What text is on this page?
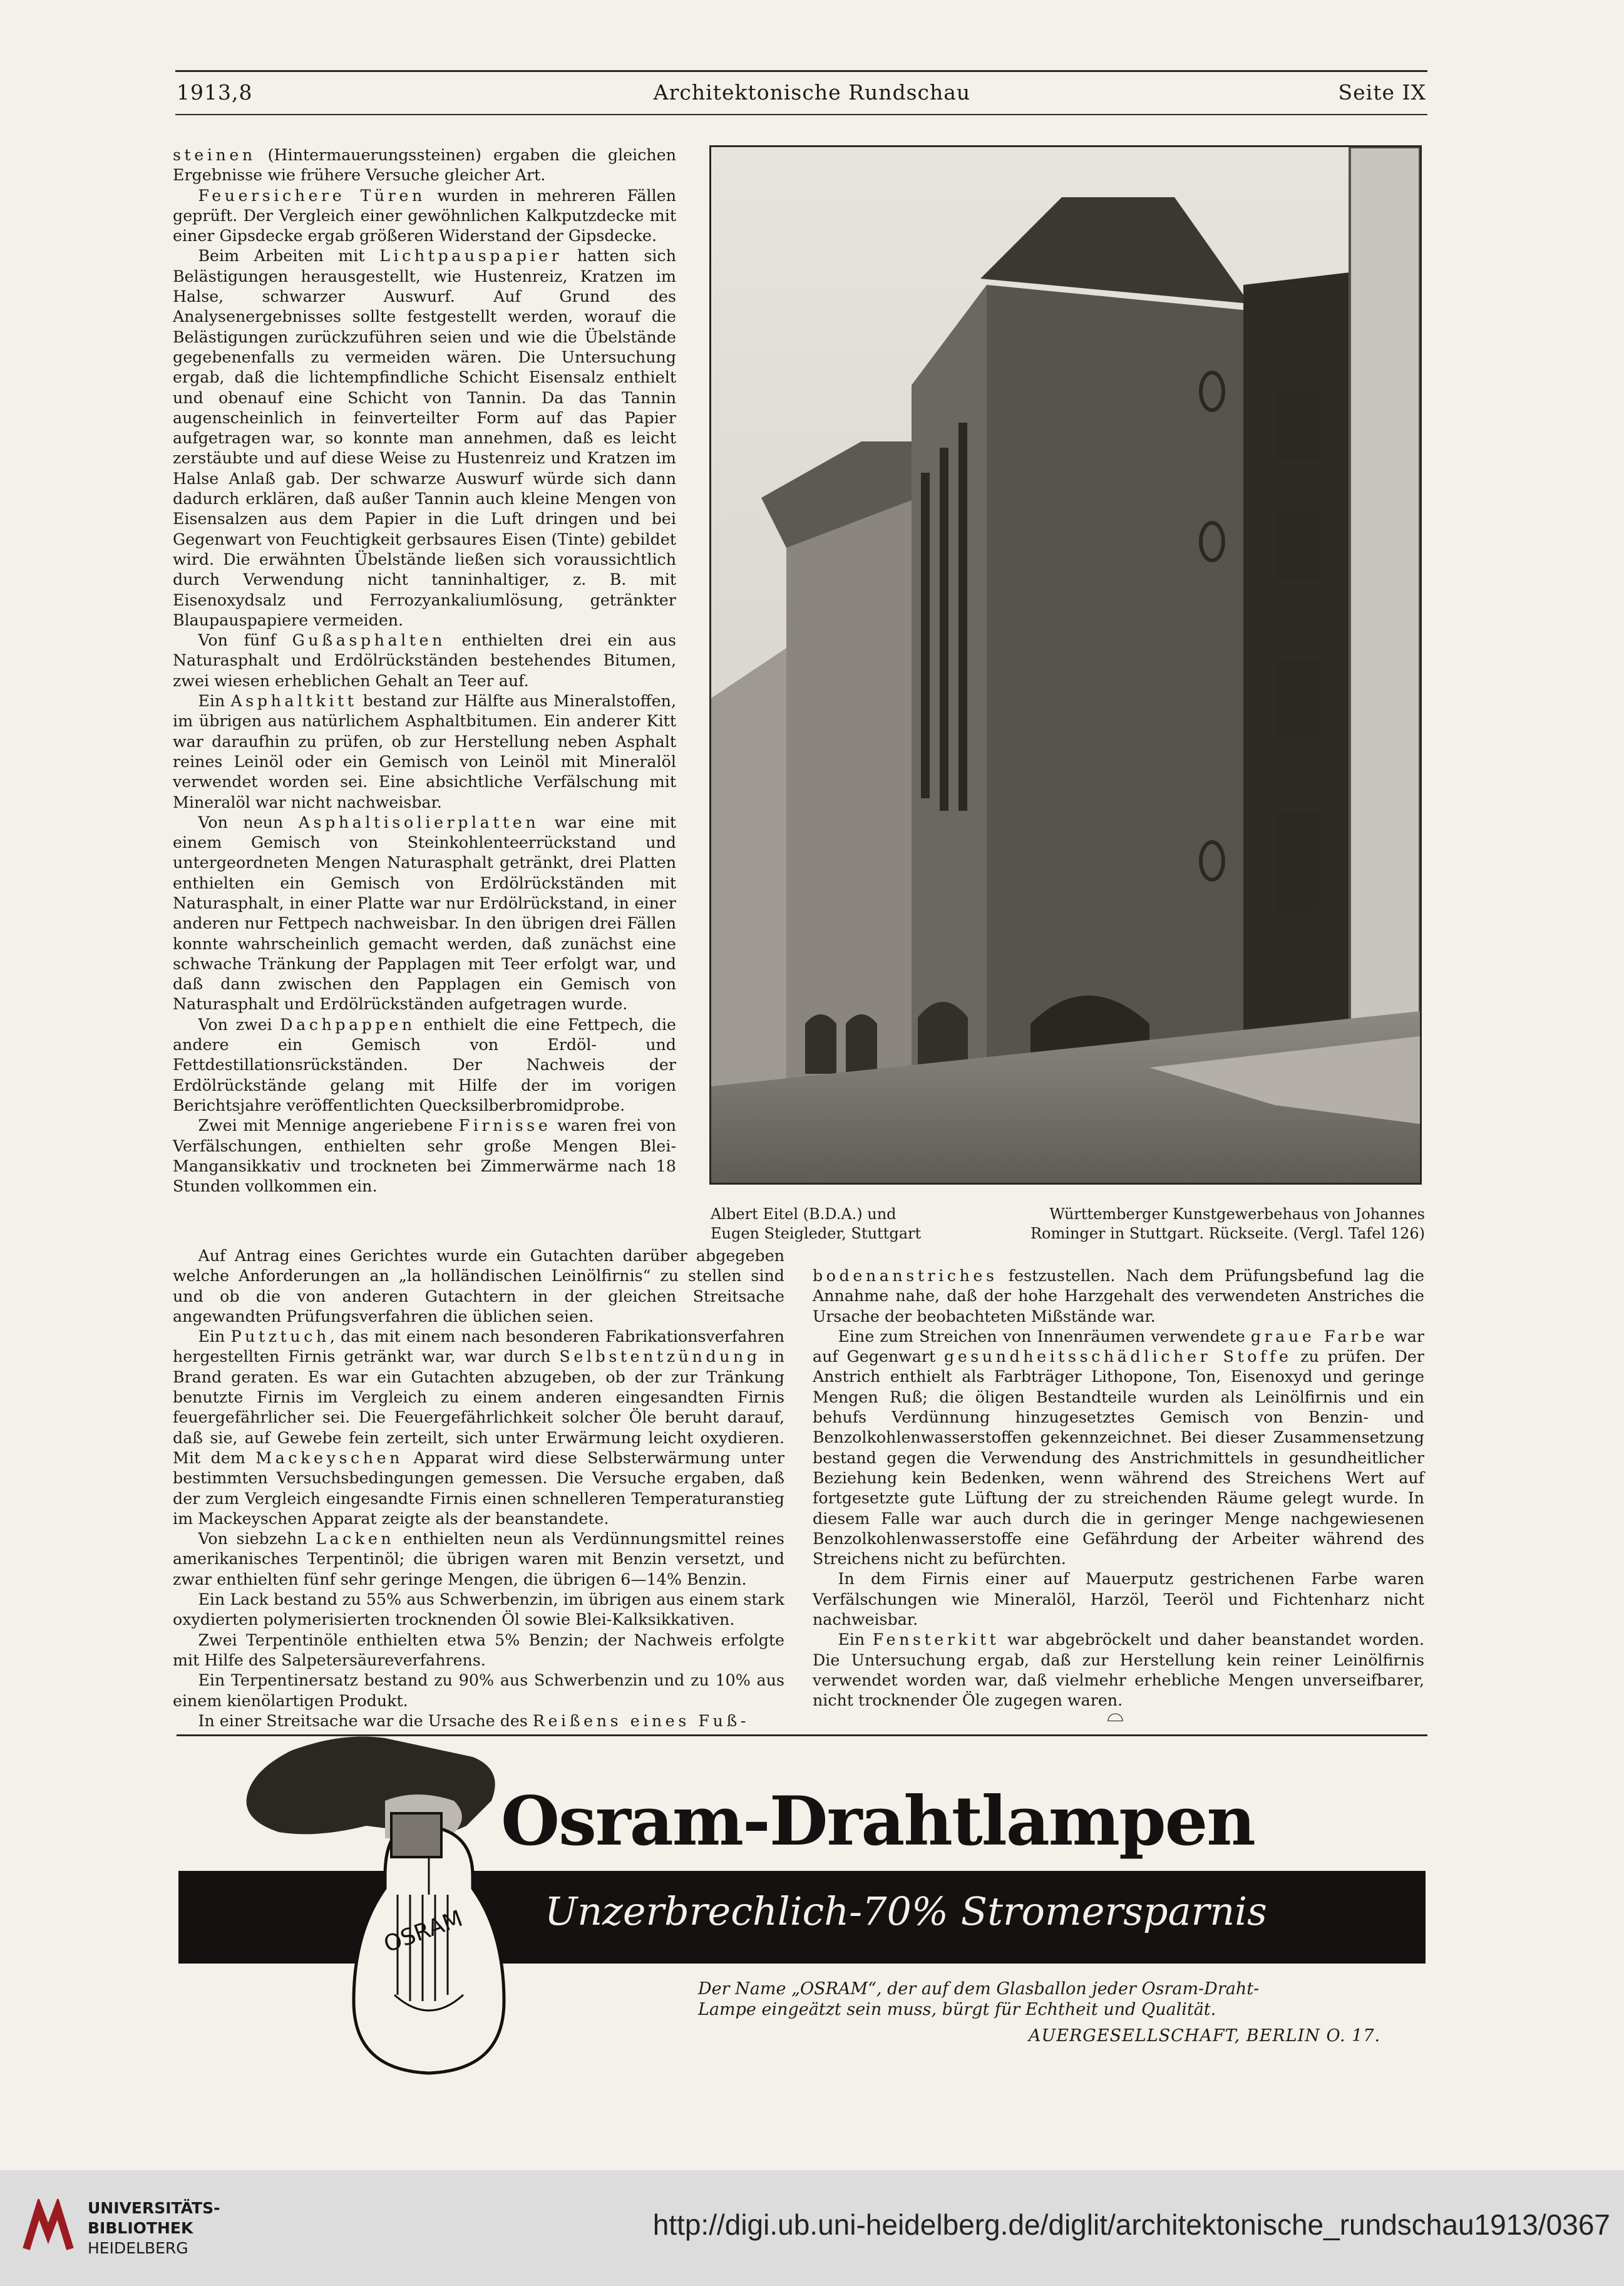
1913,8	Architektonische Rundschau	Seite IX

steinen (Hintermauerungssteinen) ergaben die gleichen Ergebnisse wie frühere Versuche gleicher Art.

Feuersichere Türen wurden in mehreren Fällen geprüft. Der Vergleich einer gewöhnlichen Kalkputzdecke mit einer Gipsdecke ergab größeren Widerstand der Gipsdecke.

Beim Arbeiten mit Lichtpauspapier hatten sich Belästigungen herausgestellt, wie Hustenreiz, Kratzen im Halse, schwarzer Auswurf. Auf Grund des Analysenergebnisses sollte festgestellt werden, worauf die Belästigungen zurückzuführen seien und wie die Übelstände gegebenenfalls zu vermeiden wären. Die Untersuchung ergab, daß die lichtempfindliche Schicht Eisensalz enthielt und obenauf eine Schicht von Tannin. Da das Tannin augenscheinlich in feinverteilter Form auf das Papier aufgetragen war, so konnte man annehmen, daß es leicht zerstäubte und auf diese Weise zu Hustenreiz und Kratzen im Halse Anlaß gab. Der schwarze Auswurf würde sich dann dadurch erklären, daß außer Tannin auch kleine Mengen von Eisensalzen aus dem Papier in die Luft dringen und bei Gegenwart von Feuchtigkeit gerbsaures Eisen (Tinte) gebildet wird. Die erwähnten Übelstände ließen sich voraussichtlich durch Verwendung nicht tanninhaltiger, z. B. mit Eisenoxydsalz und Ferrozyankaliumlösung, getränkter Blaupauspapiere vermeiden.

Von fünf Gußasphalten enthielten drei ein aus Naturasphalt und Erdölrückständen bestehendes Bitumen, zwei wiesen erheblichen Gehalt an Teer auf.

Ein Asphaltkitt bestand zur Hälfte aus Mineralstoffen, im übrigen aus natürlichem Asphaltbitumen. Ein anderer Kitt war daraufhin zu prüfen, ob zur Herstellung neben Asphalt reines Leinöl oder ein Gemisch von Leinöl mit Mineralöl verwendet worden sei. Eine absichtliche Verfälschung mit Mineralöl war nicht nachweisbar.

Von neun Asphaltisolierplatten war eine mit einem Gemisch von Steinkohlenteerrückstand und untergeordneten Mengen Naturasphalt getränkt, drei Platten enthielten ein Gemisch von Erdölrückständen mit Naturasphalt, in einer Platte war nur Erdölrückstand, in einer anderen nur Fettpech nachweisbar. In den übrigen drei Fällen konnte wahrscheinlich gemacht werden, daß zunächst eine schwache Tränkung der Papplagen mit Teer erfolgt war, und daß dann zwischen den Papplagen ein Gemisch von Naturasphalt und Erdölrückständen aufgetragen wurde.

Von zwei Dachpappen enthielt die eine Fettpech, die andere ein Gemisch von Erdöl- und Fettdestillationsrückständen. Der Nachweis der Erdölrückstände gelang mit Hilfe der im vorigen Berichtsjahre veröffentlichten Quecksilberbromidprobe.

Zwei mit Mennige angeriebene Firnisse waren frei von Verfälschungen, enthielten sehr große Mengen Blei-Mangansikkativ und trockneten bei Zimmerwärme nach 18 Stunden vollkommen ein.

Albert Eitel (B.D.A.) und
Eugen Steigleder, Stuttgart
Württemberger Kunstgewerbehaus von Johannes
Rominger in Stuttgart. Rückseite. (Vergl. Tafel 126)

Auf Antrag eines Gerichtes wurde ein Gutachten darüber abgegeben welche Anforderungen an „la holländischen Leinölfirnis“ zu stellen sind und ob die von anderen Gutachtern in der gleichen Streitsache angewandten Prüfungsverfahren die üblichen seien.

Ein Putztuch, das mit einem nach besonderen Fabrikationsverfahren hergestellten Firnis getränkt war, war durch Selbstentzündung in Brand geraten. Es war ein Gutachten abzugeben, ob der zur Tränkung benutzte Firnis im Vergleich zu einem anderen eingesandten Firnis feuergefährlicher sei. Die Feuergefährlichkeit solcher Öle beruht darauf, daß sie, auf Gewebe fein zerteilt, sich unter Erwärmung leicht oxydieren. Mit dem Mackeyschen Apparat wird diese Selbsterwärmung unter bestimmten Versuchsbedingungen gemessen. Die Versuche ergaben, daß der zum Vergleich eingesandte Firnis einen schnelleren Temperaturanstieg im Mackeyschen Apparat zeigte als der beanstandete.

Von siebzehn Lacken enthielten neun als Verdünnungsmittel reines amerikanisches Terpentinöl; die übrigen waren mit Benzin versetzt, und zwar enthielten fünf sehr geringe Mengen, die übrigen 6—14% Benzin.

Ein Lack bestand zu 55% aus Schwerbenzin, im übrigen aus einem stark oxydierten polymerisierten trocknenden Öl sowie Blei-Kalksikkativen.

Zwei Terpentinöle enthielten etwa 5% Benzin; der Nachweis erfolgte mit Hilfe des Salpetersäureverfahrens.

Ein Terpentinersatz bestand zu 90% aus Schwerbenzin und zu 10% aus einem kienölartigen Produkt.

In einer Streitsache war die Ursache des Reißens eines Fuß-

bodenanstriches festzustellen. Nach dem Prüfungsbefund lag die Annahme nahe, daß der hohe Harzgehalt des verwendeten Anstriches die Ursache der beobachteten Mißstände war.

Eine zum Streichen von Innenräumen verwendete graue Farbe war auf Gegenwart gesundheitsschädlicher Stoffe zu prüfen. Der Anstrich enthielt als Farbträger Lithopone, Ton, Eisenoxyd und geringe Mengen Ruß; die öligen Bestandteile wurden als Leinölfirnis und ein behufs Verdünnung hinzugesetztes Gemisch von Benzin- und Benzolkohlenwasserstoffen gekennzeichnet. Bei dieser Zusammensetzung bestand gegen die Verwendung des Anstrichmittels in gesundheitlicher Beziehung kein Bedenken, wenn während des Streichens Wert auf fortgesetzte gute Lüftung der zu streichenden Räume gelegt wurde. In diesem Falle war auch durch die in geringer Menge nachgewiesenen Benzolkohlenwasserstoffe eine Gefährdung der Arbeiter während des Streichens nicht zu befürchten.

In dem Firnis einer auf Mauerputz gestrichenen Farbe waren Verfälschungen wie Mineralöl, Harzöl, Teeröl und Fichtenharz nicht nachweisbar.

Ein Fensterkitt war abgebröckelt und daher beanstandet worden. Die Untersuchung ergab, daß zur Herstellung kein reiner Leinölfirnis verwendet worden war, daß vielmehr erhebliche Mengen unverseifbarer, nicht trocknender Öle zugegen waren.

⌓
OSRAM
Osram-Drahtlampen
Unzerbrechlich-70% Stromersparnis
Der Name „OSRAM“, der auf dem Glasballon jeder Osram-Draht-
Lampe eingeätzt sein muss, bürgt für Echtheit und Qualität.
AUERGESELLSCHAFT, BERLIN O. 17.
UNIVERSITÄTS-
BIBLIOTHEK
HEIDELBERG
http://digi.ub.uni-heidelberg.de/diglit/architektonische_rundschau1913/0367
